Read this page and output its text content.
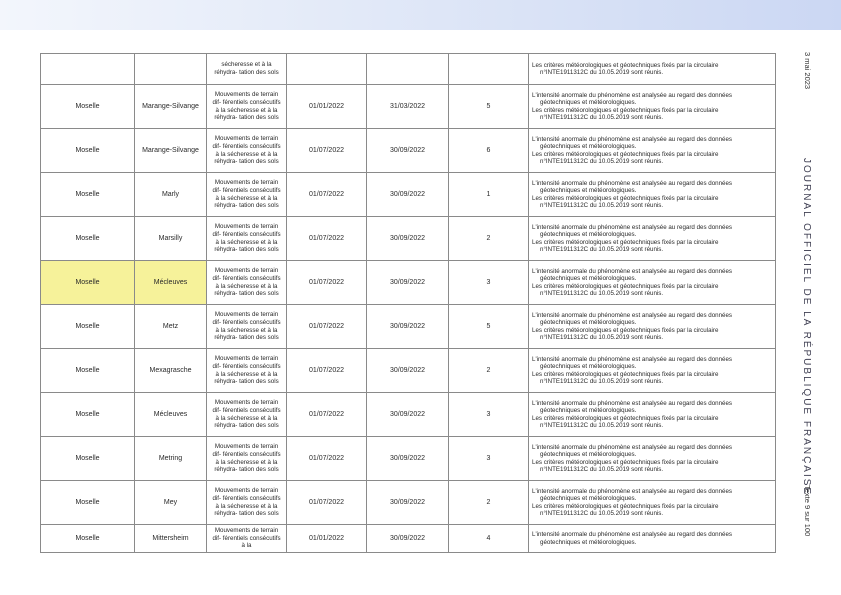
		sécheresse et à la réhydra- tation des sols				Les critères météorologiques et géotechniques fixés par la circulaire
n°INTE1911312C du 10.05.2019 sont réunis.

Moselle	Marange-Silvange	Mouvements de terrain dif- férentiels consécutifs à la sécheresse et à la réhydra- tation des sols	01/01/2022	31/03/2022	5	L'intensité anormale du phénomène est analysée au regard des données
géotechniques et météorologiques.
Les critères météorologiques et géotechniques fixés par la circulaire
n°INTE1911312C du 10.05.2019 sont réunis.

Moselle	Marange-Silvange	Mouvements de terrain dif- férentiels consécutifs à la sécheresse et à la réhydra- tation des sols	01/07/2022	30/09/2022	6	L'intensité anormale du phénomène est analysée au regard des données
géotechniques et météorologiques.
Les critères météorologiques et géotechniques fixés par la circulaire
n°INTE1911312C du 10.05.2019 sont réunis.

Moselle	Marly	Mouvements de terrain dif- férentiels consécutifs à la sécheresse et à la réhydra- tation des sols	01/07/2022	30/09/2022	1	L'intensité anormale du phénomène est analysée au regard des données
géotechniques et météorologiques.
Les critères météorologiques et géotechniques fixés par la circulaire
n°INTE1911312C du 10.05.2019 sont réunis.

Moselle	Marsilly	Mouvements de terrain dif- férentiels consécutifs à la sécheresse et à la réhydra- tation des sols	01/07/2022	30/09/2022	2	L'intensité anormale du phénomène est analysée au regard des données
géotechniques et météorologiques.
Les critères météorologiques et géotechniques fixés par la circulaire
n°INTE1911312C du 10.05.2019 sont réunis.

Moselle	Mécleuves	Mouvements de terrain dif- férentiels consécutifs à la sécheresse et à la réhydra- tation des sols	01/07/2022	30/09/2022	3	L'intensité anormale du phénomène est analysée au regard des données
géotechniques et météorologiques.
Les critères météorologiques et géotechniques fixés par la circulaire
n°INTE1911312C du 10.05.2019 sont réunis.

Moselle	Metz	Mouvements de terrain dif- férentiels consécutifs à la sécheresse et à la réhydra- tation des sols	01/07/2022	30/09/2022	5	L'intensité anormale du phénomène est analysée au regard des données
géotechniques et météorologiques.
Les critères météorologiques et géotechniques fixés par la circulaire
n°INTE1911312C du 10.05.2019 sont réunis.

Moselle	Mexagrasche	Mouvements de terrain dif- férentiels consécutifs à la sécheresse et à la réhydra- tation des sols	01/07/2022	30/09/2022	2	L'intensité anormale du phénomène est analysée au regard des données
géotechniques et météorologiques.
Les critères météorologiques et géotechniques fixés par la circulaire
n°INTE1911312C du 10.05.2019 sont réunis.

Moselle	Mécleuves	Mouvements de terrain dif- férentiels consécutifs à la sécheresse et à la réhydra- tation des sols	01/07/2022	30/09/2022	3	L'intensité anormale du phénomène est analysée au regard des données
géotechniques et météorologiques.
Les critères météorologiques et géotechniques fixés par la circulaire
n°INTE1911312C du 10.05.2019 sont réunis.

Moselle	Metring	Mouvements de terrain dif- férentiels consécutifs à la sécheresse et à la réhydra- tation des sols	01/07/2022	30/09/2022	3	L'intensité anormale du phénomène est analysée au regard des données
géotechniques et météorologiques.
Les critères météorologiques et géotechniques fixés par la circulaire
n°INTE1911312C du 10.05.2019 sont réunis.

Moselle	Mey	Mouvements de terrain dif- férentiels consécutifs à la sécheresse et à la réhydra- tation des sols	01/07/2022	30/09/2022	2	L'intensité anormale du phénomène est analysée au regard des données
géotechniques et météorologiques.
Les critères météorologiques et géotechniques fixés par la circulaire
n°INTE1911312C du 10.05.2019 sont réunis.

Moselle	Mittersheim	Mouvements de terrain dif- férentiels consécutifs à la	01/01/2022	30/09/2022	4	L'intensité anormale du phénomène est analysée au regard des données
géotechniques et météorologiques.
3 mai 2023
JOURNAL OFFICIEL DE LA RÉPUBLIQUE FRANÇAISE
Texte 9 sur 100
